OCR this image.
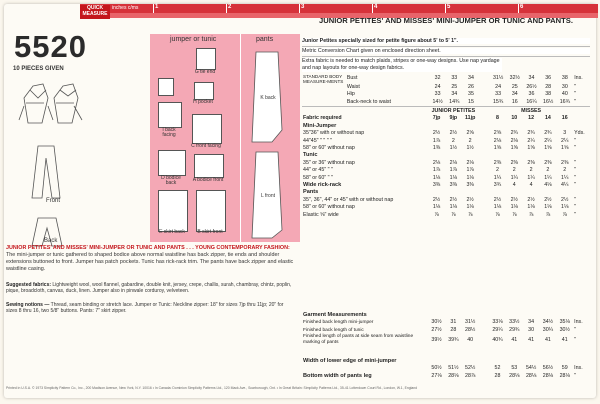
QUICK MEASURE
inches c/ms	1	2	3	4	5	6
5520
10 PIECES GIVEN
Front
Back
jumper or tunic	pants
G tie end
H pocket
I back facing
C front facing
D bodice back	A bodice front
E skirt back	B skirt front
K back
L front
JUNIOR PETITES' AND MISSES' MINI-JUMPER OR TUNIC AND PANTS . . . YOUNG CONTEMPORARY FASHION: The mini-jumper or tunic gathered to shaped bodice above normal waistline has back zipper, tie ends and shoulder extensions buttoned to front. Jumper has patch pockets. Tunic has rick-rack trim. The pants have back zipper and elastic waistline casing.
Suggested fabrics: Lightweight wool, wool flannel, gabardine, double knit, jersey, crepe, challis, surah, chambray, chintz, poplin, pique, broadcloth, canvas, duck, linen. Jumper also in pinwale corduroy, velveteen.
Sewing notions — Thread, seam binding or stretch lace. Jumper or Tunic: Neckline zipper: 18" for sizes 7jp thru 11jp; 20" for sizes 8 thru 16, two 5/8" buttons. Pants: 7" skirt zipper.
JUNIOR PETITES' AND MISSES' MINI-JUMPER OR TUNIC AND PANTS.
Junior Petites specially sized for petite figure about 5' to 5' 1".
Metric Conversion Chart given on enclosed direction sheet.
Extra fabric is needed to match plaids, stripes or one-way designs. Use nap yardage and nap layouts for one-way design fabrics.
STANDARD BODY MEASURE-MENTS	Bust	32	33	34		31½	32½	34	36	38	Ins.
	Waist	24	25	26		24	25	26½	28	30	"
	Hip	33	34	35		33	34	36	38	40	"
	Back-neck to waist	14½	14¾	15		15¾	16	16¼	16½	16¾	"
	JUNIOR PETITES				MISSES					
Fabric required	7jp	9jp	11jp		8	10	12	14	16	
Mini-Jumper										
35"36" with or without nap	2½	2½	2⅝		2⅝	2¾	2¾	2¾	3	Yds.
44"45" " " " "	1⅞	2	2		2⅛	2⅛	2¼	2¼	2¼	"
58" or 60" without nap	1⅜	1½	1½		1⅝	1⅝	1⅝	1⅝	1⅝	"
Tunic										
35" or 36" without nap	2⅛	2⅛	2⅛		2⅜	2⅜	2⅜	2⅜	2⅜	"
44" or 45" " "	1⅞	1⅞	1⅞		2	2	2	2	2	"
58" or 60" " "	1⅛	1⅛	1⅛		1¼	1¼	1¼	1¼	1¼	"
Wide rick-rack	3⅜	3⅜	3⅜		3¾	4	4	4⅛	4¼	"
Pants										
35", 36", 44" or 45" with or without nap	2½	2½	2½		2½	2½	2½	2½	2½	"
58" or 60" without nap	1⅛	1⅛	1⅛		1⅛	1⅛	1⅛	1⅛	1⅛	"
Elastic ⅝" wide	⅞	⅞	⅞		⅞	⅞	⅞	⅞	⅞	"
Garment Measurements										
Finished back length mini-jumper	30½	31	31½		33⅛	33½	34	34½	35⅛	Ins.
Finished back length of tunic	27½	28	28½		29¼	29¾	30	30¼	30½	"
Finished length of pants at side seam from waistline marking of pants	39½	39¾	40		40¾	41	41	41	41	"
Width of lower edge of mini-jumper										
	50½	51½	52½		52	53	54½	56½	59	Ins.
Bottom width of pants leg	27⅛	28⅛	28⅞		28	28⅛	28⅛	28⅛	28⅛	"
Printed in U.S.A. © 1973 Simplicity Pattern Co., Inc., 200 Madison Avenue, New York, N.Y. 10016 • In Canada: Dominion Simplicity Patterns Ltd., 120 Mack Ave., Scarborough, Ont. • In Great Britain: Simplicity Patterns Ltd., 35-41 Lotterdown Court Rd., London, W.1, England
